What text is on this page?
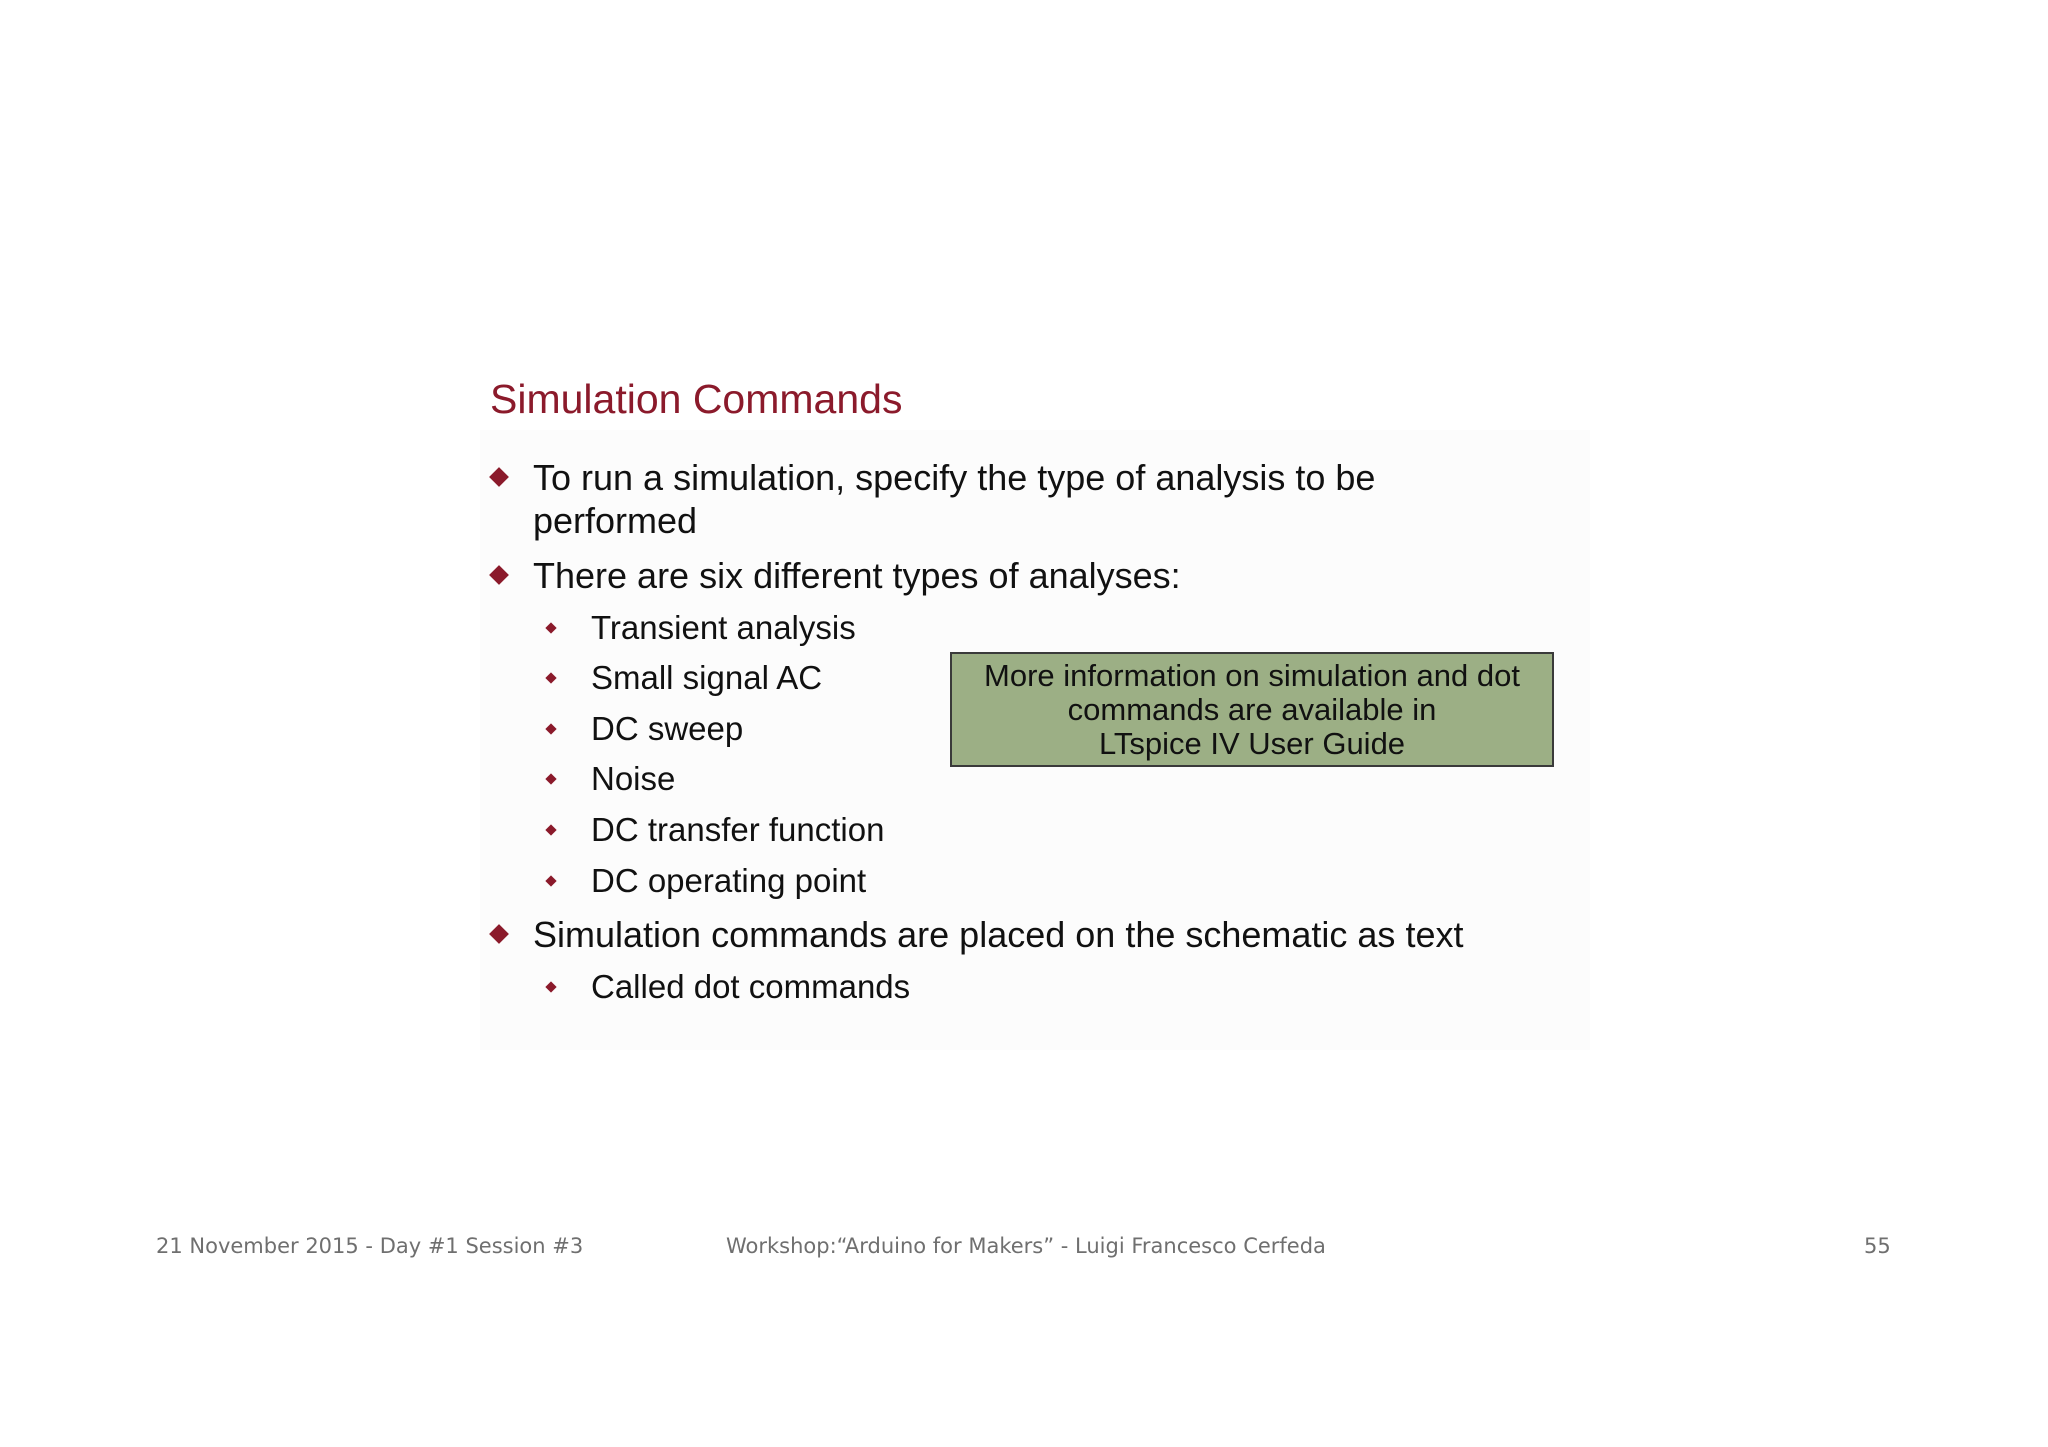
Simulation Commands
To run a simulation, specify the type of analysis to be
performed
There are six different types of analyses:
Transient analysis
Small signal AC
DC sweep
Noise
DC transfer function
DC operating point
Simulation commands are placed on the schematic as text
Called dot commands
More information on simulation and dot
commands are available in
LTspice IV User Guide
21 November 2015 - Day #1 Session #3	Workshop:“Arduino for Makers” - Luigi Francesco Cerfeda	55
